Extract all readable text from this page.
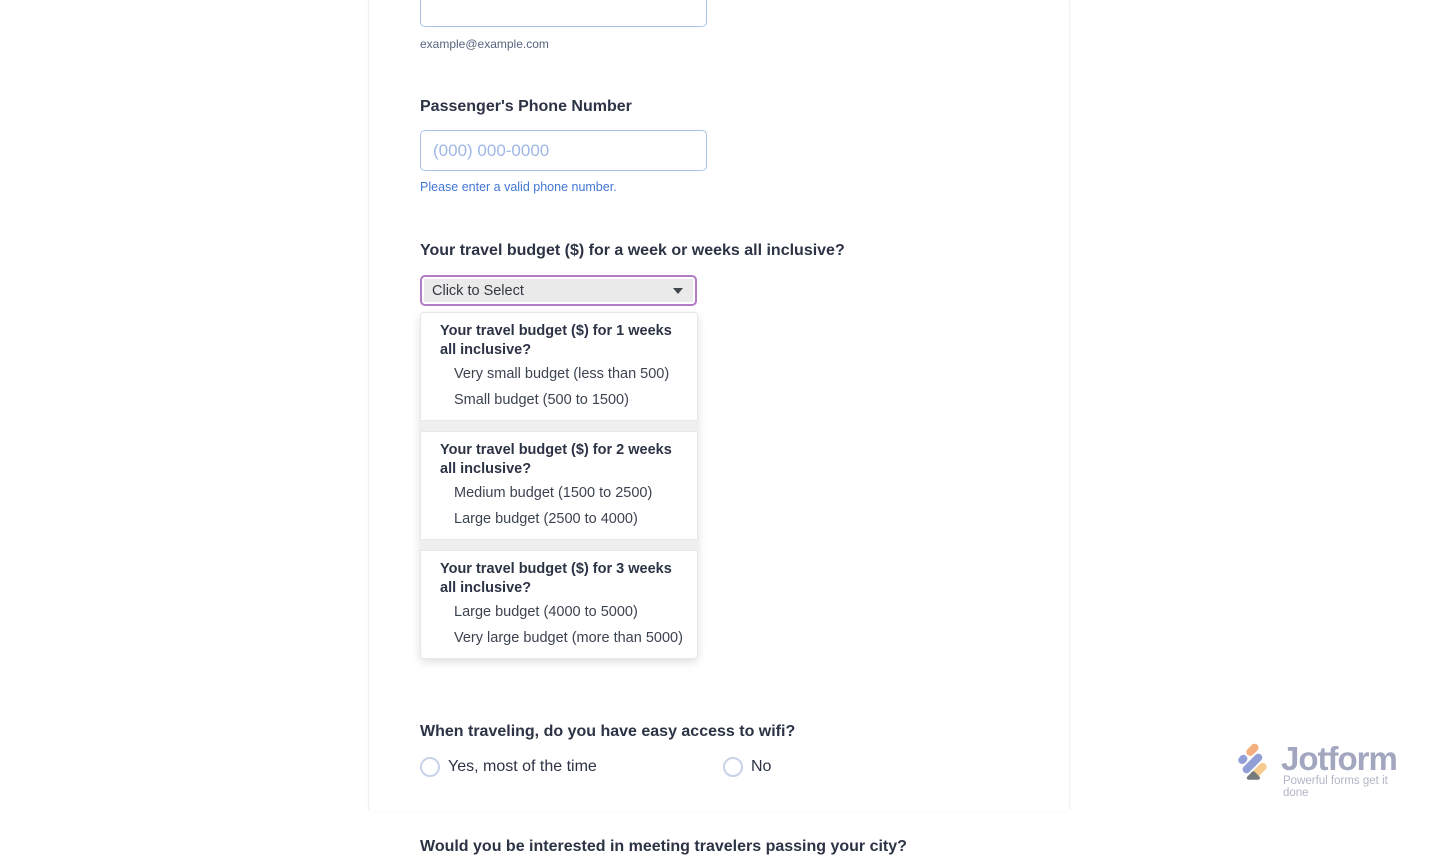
example@example.com
Passenger's Phone Number
(000) 000-0000
Please enter a valid phone number.
Your travel budget ($) for a week or weeks all inclusive?
Click to Select
Your travel budget ($) for 1 weeks all inclusive?
Very small budget (less than 500)
Small budget (500 to 1500)
Your travel budget ($) for 2 weeks all inclusive?
Medium budget (1500 to 2500)
Large budget (2500 to 4000)
Your travel budget ($) for 3 weeks all inclusive?
Large budget (4000 to 5000)
Very large budget (more than 5000)
When traveling, do you have easy access to wifi?
Yes, most of the time	No
Would you be interested in meeting travelers passing your city?
Jotform
Powerful forms get it done
